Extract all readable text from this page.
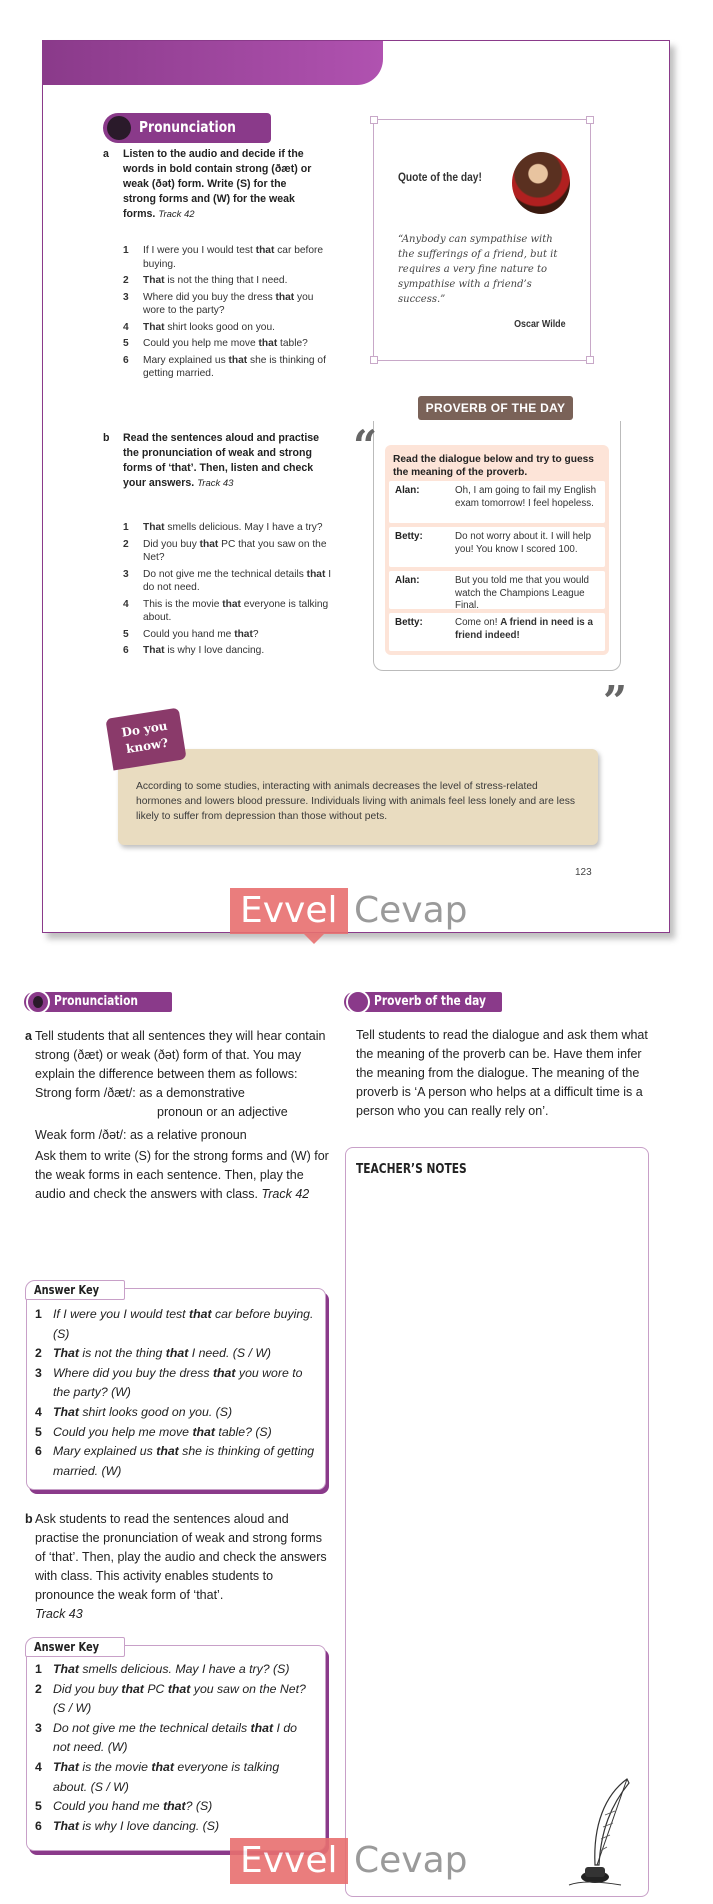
Pronunciation
a Listen to the audio and decide if the words in bold contain strong (ðæt) or weak (ðət) form. Write (S) for the strong forms and (W) for the weak forms. Track 42
1 If I were you I would test that car before buying.
2 That is not the thing that I need.
3 Where did you buy the dress that you wore to the party?
4 That shirt looks good on you.
5 Could you help me move that table?
6 Mary explained us that she is thinking of getting married.
b Read the sentences aloud and practise the pronunciation of weak and strong forms of ‘that’. Then, listen and check your answers. Track 43
1 That smells delicious. May I have a try?
2 Did you buy that PC that you saw on the Net?
3 Do not give me the technical details that I do not need.
4 This is the movie that everyone is talking about.
5 Could you hand me that?
6 That is why I love dancing.
Quote of the day!
“Anybody can sympathise with the sufferings of a friend, but it requires a very fine nature to sympathise with a friend’s success.”
Oscar Wilde
PROVERB OF THE DAY
“
”
Read the dialogue below and try to guess the meaning of the proverb.
Alan:	Oh, I am going to fail my English exam tomorrow! I feel hopeless.
Betty:	Do not worry about it. I will help you! You know I scored 100.
Alan:	But you told me that you would watch the Champions League Final.
Betty:	Come on! A friend in need is a friend indeed!
According to some studies, interacting with animals decreases the level of stress-related hormones and lowers blood pressure. Individuals living with animals feel less lonely and are less likely to suffer from depression than those without pets.
Do you know?
123
Evvel Cevap
Pronunciation
a Tell students that all sentences they will hear contain strong (ðæt) or weak (ðət) form of that. You may explain the difference between them as follows:
Strong form /ðæt/: as a demonstrative
pronoun or an adjective
Weak form /ðət/: as a relative pronoun
Ask them to write (S) for the strong forms and (W) for the weak forms in each sentence. Then, play the audio and check the answers with class. Track 42
Answer Key
1 If I were you I would test that car before buying. (S)
2 That is not the thing that I need. (S / W)
3 Where did you buy the dress that you wore to the party? (W)
4 That shirt looks good on you. (S)
5 Could you help me move that table? (S)
6 Mary explained us that she is thinking of getting married. (W)
b Ask students to read the sentences aloud and practise the pronunciation of weak and strong forms of ‘that’. Then, play the audio and check the answers with class. This activity enables students to pronounce the weak form of ‘that’.
Track 43
Answer Key
1 That smells delicious. May I have a try? (S)
2 Did you buy that PC that you saw on the Net? (S / W)
3 Do not give me the technical details that I do not need. (W)
4 That is the movie that everyone is talking about. (S / W)
5 Could you hand me that? (S)
6 That is why I love dancing. (S)
Proverb of the day
Tell students to read the dialogue and ask them what the meaning of the proverb can be. Have them infer the meaning from the dialogue. The meaning of the proverb is ‘A person who helps at a difficult time is a person who you can really rely on’.
TEACHER’S NOTES
Evvel Cevap
